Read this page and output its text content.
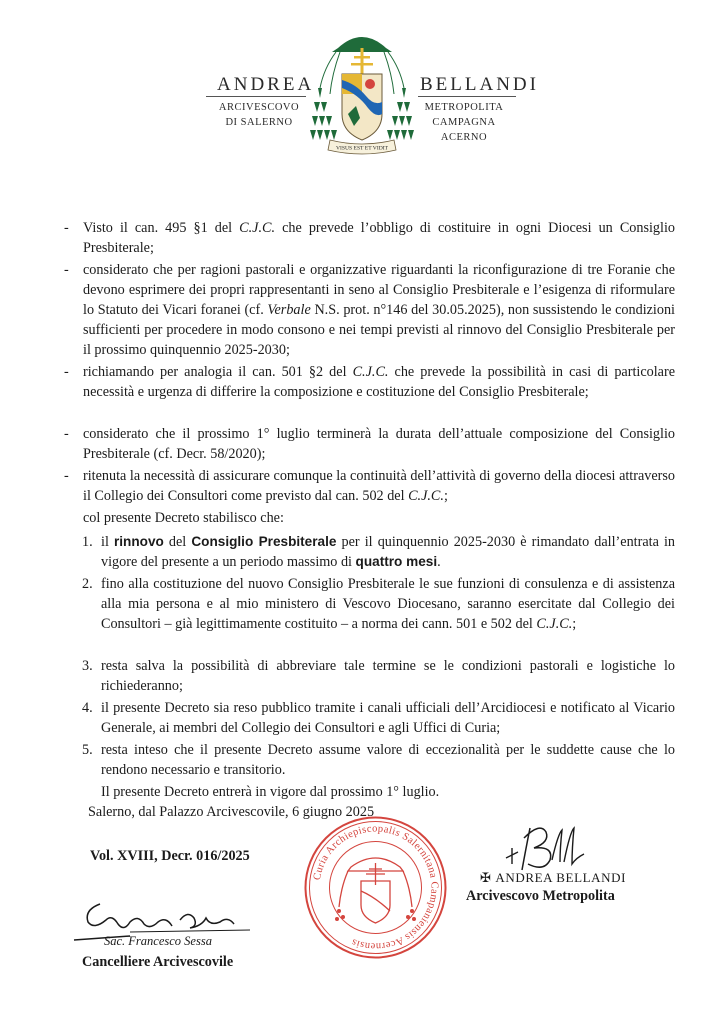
ANDREA	BELLANDI
ARCIVESCOVO
DI SALERNO
METROPOLITA
CAMPAGNA ACERNO
VISUS EST ET VIDIT
- Visto il can. 495 §1 del C.J.C. che prevede l’obbligo di costituire in ogni Diocesi un Consiglio Presbiterale;
- considerato che per ragioni pastorali e organizzative riguardanti la riconfigurazione di tre Foranie che devono esprimere dei propri rappresentanti in seno al Consiglio Presbiterale e l’esigenza di riformulare lo Statuto dei Vicari foranei (cf. Verbale N.S. prot. n°146 del 30.05.2025), non sussistendo le condizioni sufficienti per procedere in modo consono e nei tempi previsti al rinnovo del Consiglio Presbiterale per il prossimo quinquennio 2025-2030;
- richiamando per analogia il can. 501 §2 del C.J.C. che prevede la possibilità in casi di particolare necessità e urgenza di differire la composizione e costituzione del Consiglio Presbiterale;
- considerato che il prossimo 1° luglio terminerà la durata dell’attuale composizione del Consiglio Presbiterale (cf. Decr. 58/2020);
- ritenuta la necessità di assicurare comunque la continuità dell’attività di governo della diocesi attraverso il Collegio dei Consultori come previsto dal can. 502 del C.J.C.;
col presente Decreto stabilisco che:
1. il rinnovo del Consiglio Presbiterale per il quinquennio 2025-2030 è rimandato dall’entrata in vigore del presente a un periodo massimo di quattro mesi.
2. fino alla costituzione del nuovo Consiglio Presbiterale le sue funzioni di consulenza e di assistenza alla mia persona e al mio ministero di Vescovo Diocesano, saranno esercitate dal Collegio dei Consultori – già legittimamente costituito – a norma dei cann. 501 e 502 del C.J.C.;
3. resta salva la possibilità di abbreviare tale termine se le condizioni pastorali e logistiche lo richiederanno;
4. il presente Decreto sia reso pubblico tramite i canali ufficiali dell’Arcidiocesi e notificato al Vicario Generale, ai membri del Collegio dei Consultori e agli Uffici di Curia;
5. resta inteso che il presente Decreto assume valore di eccezionalità per le suddette cause che lo rendono necessario e transitorio.
Il presente Decreto entrerà in vigore dal prossimo 1° luglio.
Salerno, dal Palazzo Arcivescovile, 6 giugno 2025
Vol. XVIII, Decr. 016/2025
Curia Archiepiscopalis Salernitana Campaniensis Acernensis
✠ ANDREA BELLANDI
Arcivescovo Metropolita
Sac. Francesco Sessa
Cancelliere Arcivescovile
